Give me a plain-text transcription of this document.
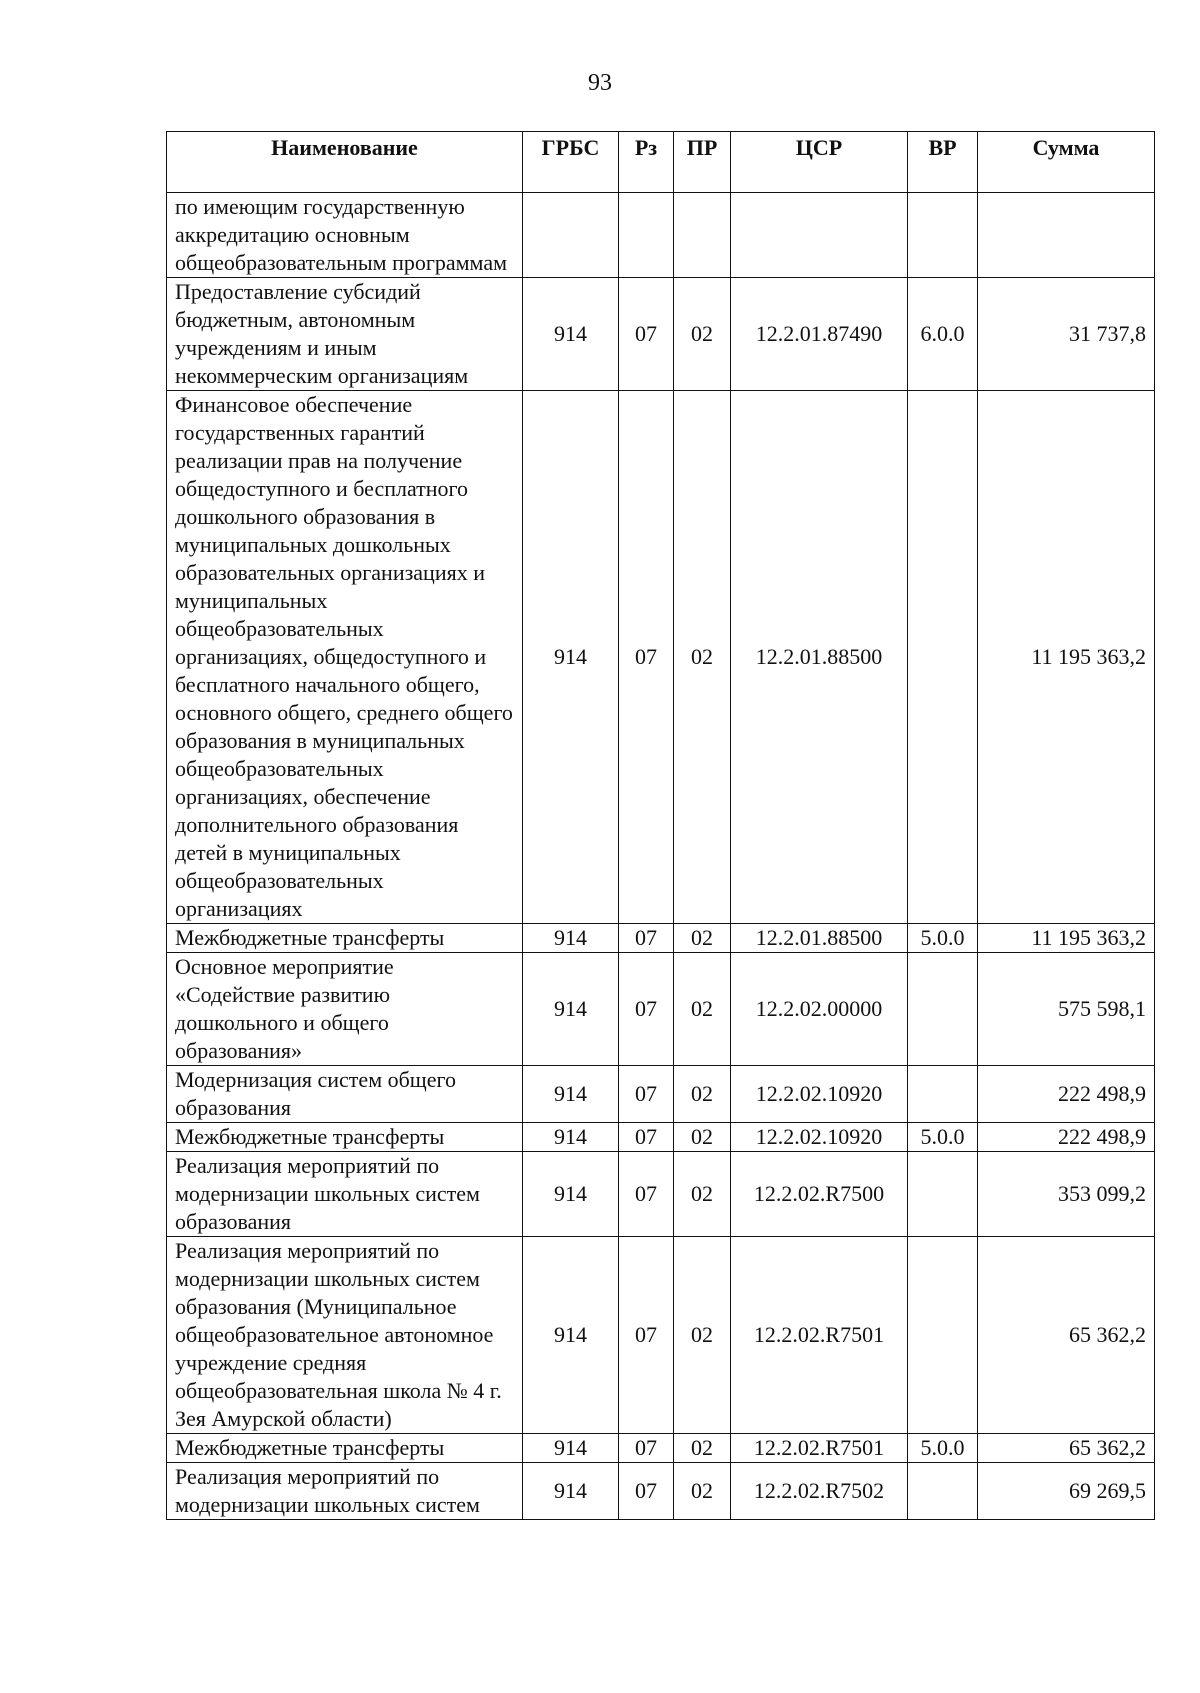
93
Наименование	ГРБС	Рз	ПР	ЦСР	ВР	Сумма
по имеющим государственную аккредитацию основным общеобразовательным программам						
Предоставление субсидий бюджетным, автономным учреждениям и иным некоммерческим организациям	914	07	02	12.2.01.87490	6.0.0	31 737,8
Финансовое обеспечение государственных гарантий реализации прав на получение общедоступного и бесплатного дошкольного образования в муниципальных дошкольных образовательных организациях и муниципальных общеобразовательных организациях, общедоступного и бесплатного начального общего, основного общего, среднего общего образования в муниципальных общеобразовательных организациях, обеспечение дополнительного образования детей в муниципальных общеобразовательных организациях	914	07	02	12.2.01.88500		11 195 363,2
Межбюджетные трансферты	914	07	02	12.2.01.88500	5.0.0	11 195 363,2
Основное мероприятие «Содействие развитию дошкольного и общего образования»	914	07	02	12.2.02.00000		575 598,1
Модернизация систем общего образования	914	07	02	12.2.02.10920		222 498,9
Межбюджетные трансферты	914	07	02	12.2.02.10920	5.0.0	222 498,9
Реализация мероприятий по модернизации школьных систем образования	914	07	02	12.2.02.R7500		353 099,2
Реализация мероприятий по модернизации школьных систем образования (Муниципальное общеобразовательное автономное учреждение средняя общеобразовательная школа № 4 г. Зея Амурской области)	914	07	02	12.2.02.R7501		65 362,2
Межбюджетные трансферты	914	07	02	12.2.02.R7501	5.0.0	65 362,2
Реализация мероприятий по модернизации школьных систем	914	07	02	12.2.02.R7502		69 269,5
